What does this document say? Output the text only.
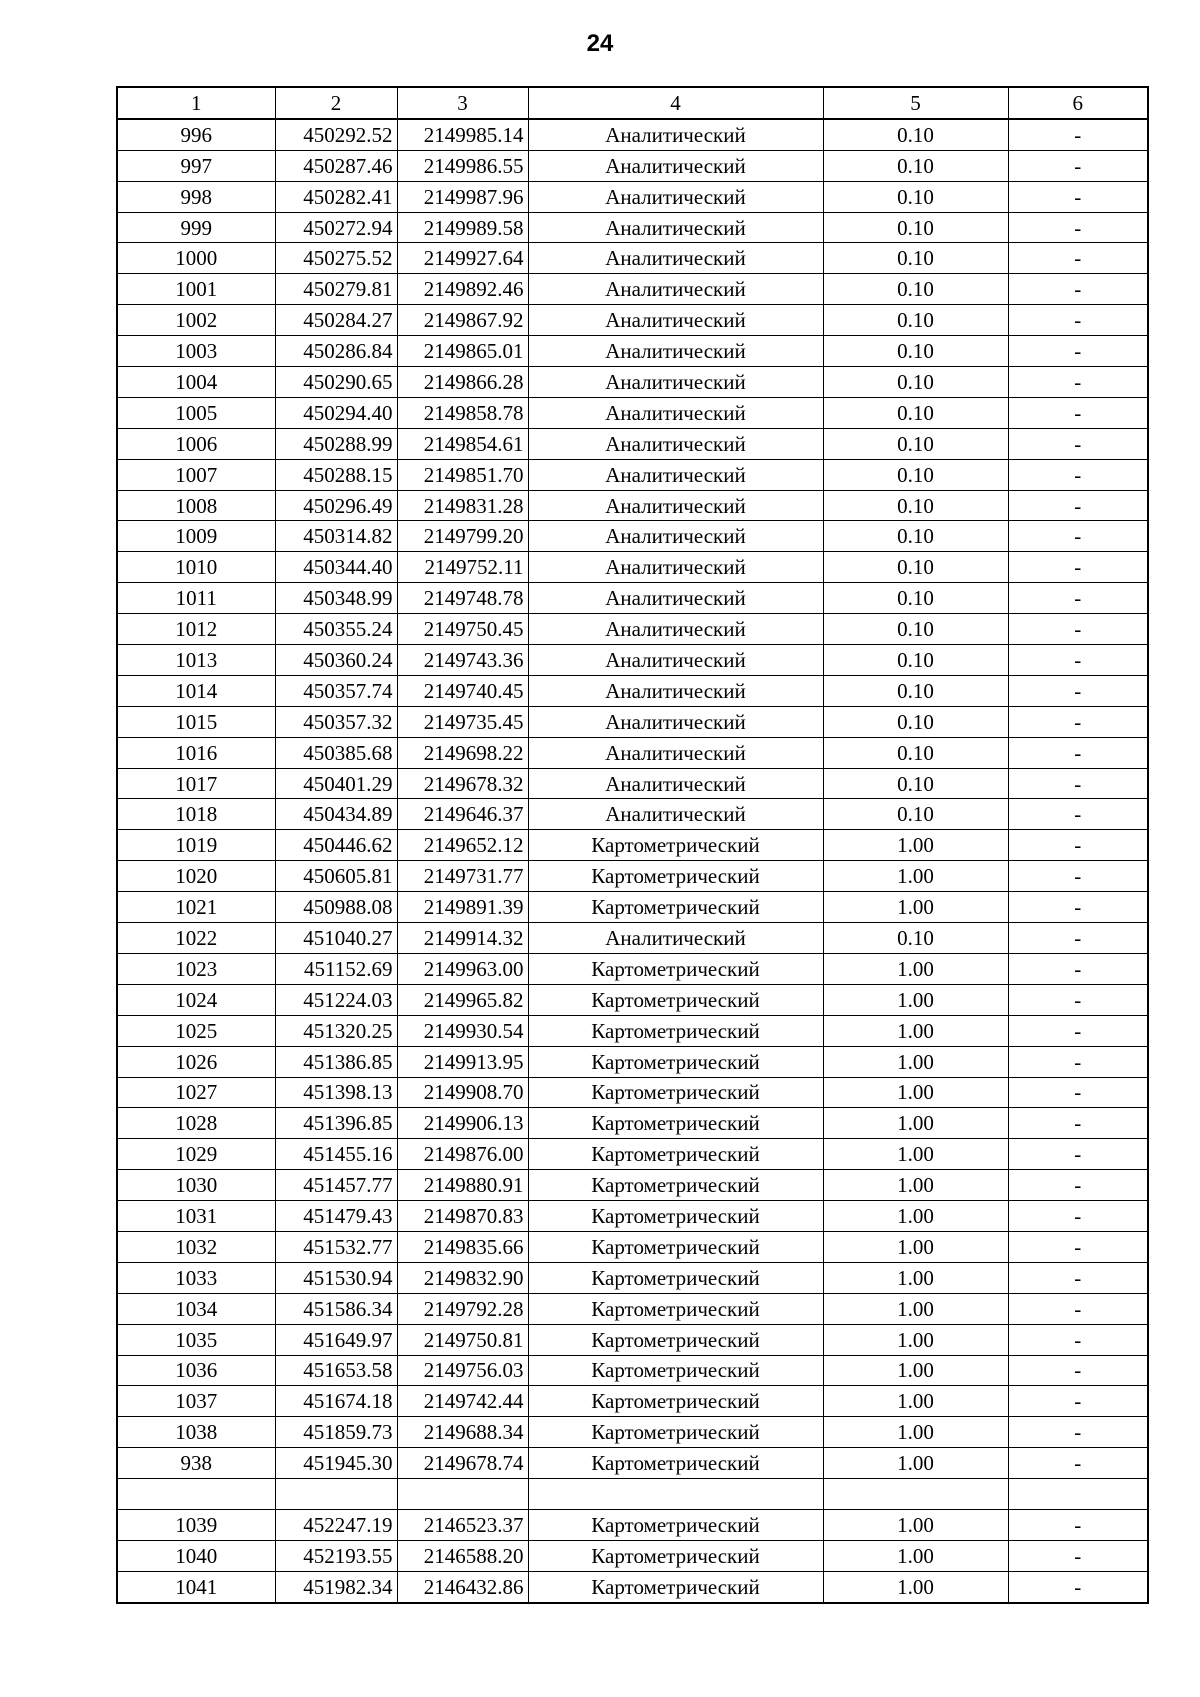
24
1	2	3	4	5	6
996	450292.52	2149985.14	Аналитический	0.10	-
997	450287.46	2149986.55	Аналитический	0.10	-
998	450282.41	2149987.96	Аналитический	0.10	-
999	450272.94	2149989.58	Аналитический	0.10	-
1000	450275.52	2149927.64	Аналитический	0.10	-
1001	450279.81	2149892.46	Аналитический	0.10	-
1002	450284.27	2149867.92	Аналитический	0.10	-
1003	450286.84	2149865.01	Аналитический	0.10	-
1004	450290.65	2149866.28	Аналитический	0.10	-
1005	450294.40	2149858.78	Аналитический	0.10	-
1006	450288.99	2149854.61	Аналитический	0.10	-
1007	450288.15	2149851.70	Аналитический	0.10	-
1008	450296.49	2149831.28	Аналитический	0.10	-
1009	450314.82	2149799.20	Аналитический	0.10	-
1010	450344.40	2149752.11	Аналитический	0.10	-
1011	450348.99	2149748.78	Аналитический	0.10	-
1012	450355.24	2149750.45	Аналитический	0.10	-
1013	450360.24	2149743.36	Аналитический	0.10	-
1014	450357.74	2149740.45	Аналитический	0.10	-
1015	450357.32	2149735.45	Аналитический	0.10	-
1016	450385.68	2149698.22	Аналитический	0.10	-
1017	450401.29	2149678.32	Аналитический	0.10	-
1018	450434.89	2149646.37	Аналитический	0.10	-
1019	450446.62	2149652.12	Картометрический	1.00	-
1020	450605.81	2149731.77	Картометрический	1.00	-
1021	450988.08	2149891.39	Картометрический	1.00	-
1022	451040.27	2149914.32	Аналитический	0.10	-
1023	451152.69	2149963.00	Картометрический	1.00	-
1024	451224.03	2149965.82	Картометрический	1.00	-
1025	451320.25	2149930.54	Картометрический	1.00	-
1026	451386.85	2149913.95	Картометрический	1.00	-
1027	451398.13	2149908.70	Картометрический	1.00	-
1028	451396.85	2149906.13	Картометрический	1.00	-
1029	451455.16	2149876.00	Картометрический	1.00	-
1030	451457.77	2149880.91	Картометрический	1.00	-
1031	451479.43	2149870.83	Картометрический	1.00	-
1032	451532.77	2149835.66	Картометрический	1.00	-
1033	451530.94	2149832.90	Картометрический	1.00	-
1034	451586.34	2149792.28	Картометрический	1.00	-
1035	451649.97	2149750.81	Картометрический	1.00	-
1036	451653.58	2149756.03	Картометрический	1.00	-
1037	451674.18	2149742.44	Картометрический	1.00	-
1038	451859.73	2149688.34	Картометрический	1.00	-
938	451945.30	2149678.74	Картометрический	1.00	-

1039	452247.19	2146523.37	Картометрический	1.00	-
1040	452193.55	2146588.20	Картометрический	1.00	-
1041	451982.34	2146432.86	Картометрический	1.00	-
